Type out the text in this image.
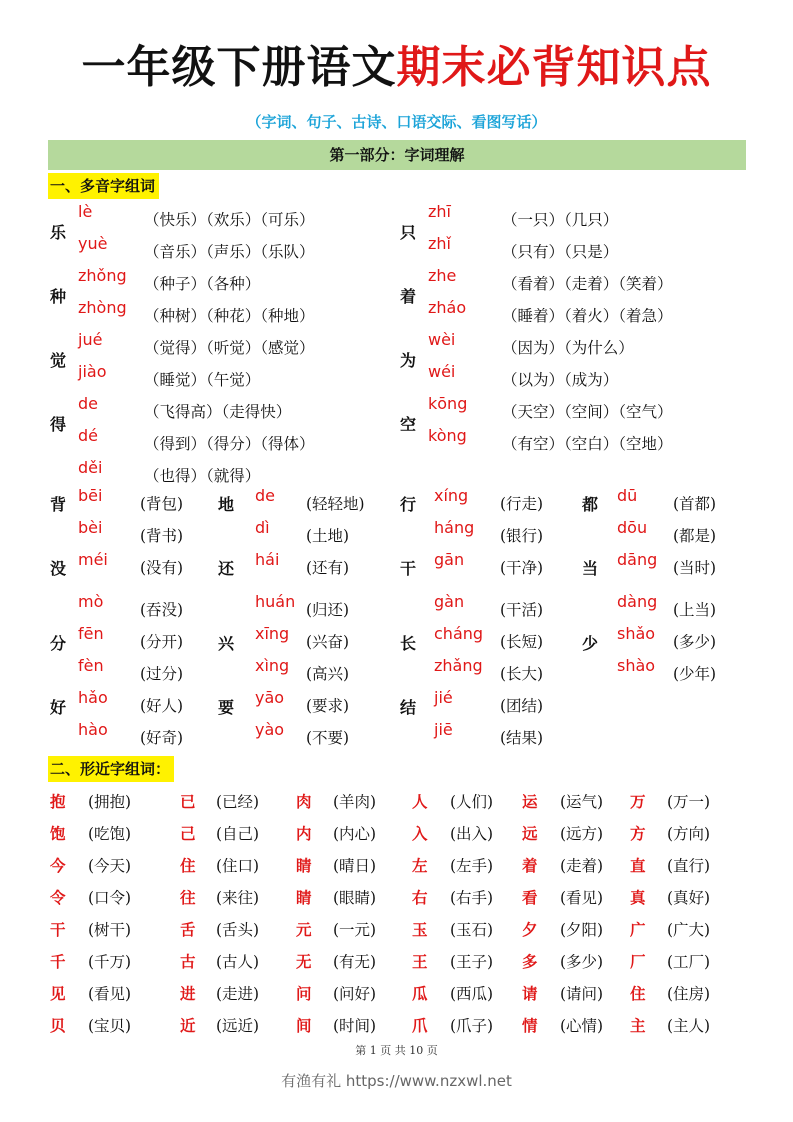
一年级下册语文期末必背知识点
（字词、句子、古诗、口语交际、看图写话）
第一部分：字词理解
一、多音字组词
乐
lè	（快乐）（欢乐）（可乐）
yuè （音乐）（声乐）（乐队）
种
zhǒng （种子）（各种）
zhòng （种树）（种花）（种地）
觉
jué	（觉得）（听觉）（感觉）
jiào （睡觉）（午觉）
得
de	（飞得高）（走得快）
dé	（得到）（得分）（得体）
děi	（也得）（就得）
只
zhī	（一只）（几只）
zhǐ	（只有）（只是）
着
zhe	（看着）（走着）（笑着）
zháo （睡着）（着火）（着急）
为
wèi	（因为）（为什么）
wéi	（以为）（成为）
空
kōng （天空）（空间）（空气）
kòng （有空）（空白）（空地）
背 bēi (背包)
bèi (背书)
地 de (轻轻地)
dì (土地)
行 xíng (行走)
háng (银行)
都 dū (首都)
dōu (都是)
没 méi (没有)
mò (吞没)
还 hái (还有)
huán (归还)
干 gān (干净)
gàn (干活)
当 dāng (当时)
dàng (上当)
分
fēn (分开)
fèn (过分)
兴
xīng (兴奋)
xìng (高兴)
长
cháng (长短)
zhǎng (长大)
少
shǎo (多少)
shào (少年)
好
hǎo (好人)
hào (好奇)
要
yāo (要求)
yào (不要)
结
jié	(团结)
jiē	(结果)
二、形近字组词：
抱 (拥抱)	已 (已经) 肉 (羊肉) 人 (人们) 运 (运气) 万 (万一)
饱 (吃饱)	己 (自己) 内 (内心) 入 (出入) 远 (远方) 方 (方向)
今 (今天)	住 (住口) 睛 (晴日) 左 (左手) 着 (走着) 直 (直行)
令 (口令)	往 (来往) 睛 (眼睛) 右 (右手) 看 (看见) 真 (真好)
干 (树干)	舌 (舌头) 元 (一元) 玉 (玉石) 夕 (夕阳) 广 (广大)
千 (千万)	古 (古人) 无 (有无) 王 (王子) 多 (多少) 厂 (工厂)
见 (看见)	进 (走进) 问 (问好) 瓜 (西瓜) 请 (请问) 住 (住房)
贝 (宝贝)	近 (远近) 间 (时间) 爪 (爪子) 情 (心情) 主 (主人)
第 1 页 共 10 页
有渔有礼 https://www.nzxwl.net
